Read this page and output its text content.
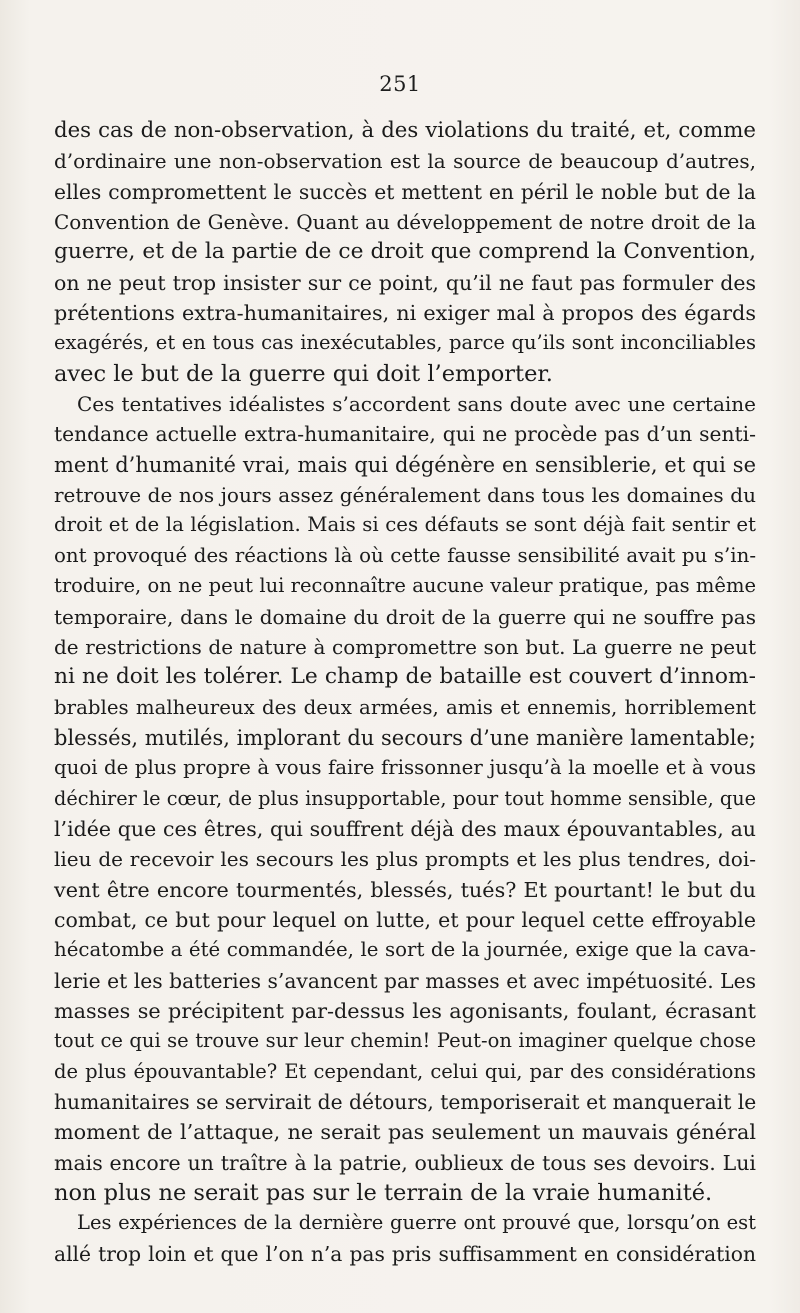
251
des cas de non-observation, à des violations du traité, et, comme
d’ordinaire une non-observation est la source de beaucoup d’autres,
elles compromettent le succès et mettent en péril le noble but de la
Convention de Genève. Quant au développement de notre droit de la
guerre, et de la partie de ce droit que comprend la Convention,
on ne peut trop insister sur ce point, qu’il ne faut pas formuler des
prétentions extra-humanitaires, ni exiger mal à propos des égards
exagérés, et en tous cas inexécutables, parce qu’ils sont inconciliables
avec le but de la guerre qui doit l’emporter.
Ces tentatives idéalistes s’accordent sans doute avec une certaine
tendance actuelle extra-humanitaire, qui ne procède pas d’un senti-
ment d’humanité vrai, mais qui dégénère en sensiblerie, et qui se
retrouve de nos jours assez généralement dans tous les domaines du
droit et de la législation. Mais si ces défauts se sont déjà fait sentir et
ont provoqué des réactions là où cette fausse sensibilité avait pu s’in-
troduire, on ne peut lui reconnaître aucune valeur pratique, pas même
temporaire, dans le domaine du droit de la guerre qui ne souffre pas
de restrictions de nature à compromettre son but. La guerre ne peut
ni ne doit les tolérer. Le champ de bataille est couvert d’innom-
brables malheureux des deux armées, amis et ennemis, horriblement
blessés, mutilés, implorant du secours d’une manière lamentable;
quoi de plus propre à vous faire frissonner jusqu’à la moelle et à vous
déchirer le cœur, de plus insupportable, pour tout homme sensible, que
l’idée que ces êtres, qui souffrent déjà des maux épouvantables, au
lieu de recevoir les secours les plus prompts et les plus tendres, doi-
vent être encore tourmentés, blessés, tués? Et pourtant! le but du
combat, ce but pour lequel on lutte, et pour lequel cette effroyable
hécatombe a été commandée, le sort de la journée, exige que la cava-
lerie et les batteries s’avancent par masses et avec impétuosité. Les
masses se précipitent par-dessus les agonisants, foulant, écrasant
tout ce qui se trouve sur leur chemin! Peut-on imaginer quelque chose
de plus épouvantable? Et cependant, celui qui, par des considérations
humanitaires se servirait de détours, temporiserait et manquerait le
moment de l’attaque, ne serait pas seulement un mauvais général
mais encore un traître à la patrie, oublieux de tous ses devoirs. Lui
non plus ne serait pas sur le terrain de la vraie humanité.
Les expériences de la dernière guerre ont prouvé que, lorsqu’on est
allé trop loin et que l’on n’a pas pris suffisamment en considération
